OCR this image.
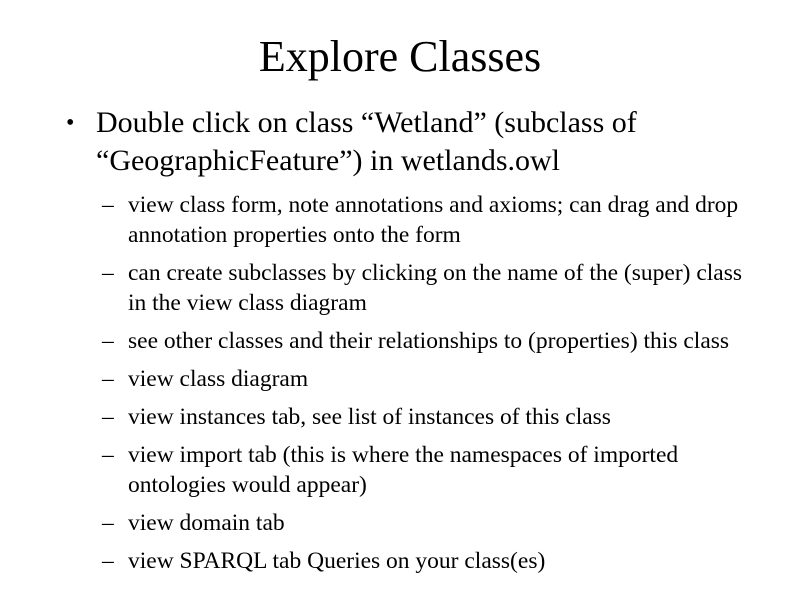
Explore Classes
• Double click on class “Wetland” (subclass of “GeographicFeature”) in wetlands.owl
– view class form, note annotations and axioms; can drag and drop annotation properties onto the form
– can create subclasses by clicking on the name of the (super) class in the view class diagram
– see other classes and their relationships to (properties) this class
– view class diagram
– view instances tab, see list of instances of this class
– view import tab (this is where the namespaces of imported ontologies would appear)
– view domain tab
– view SPARQL tab Queries on your class(es)
